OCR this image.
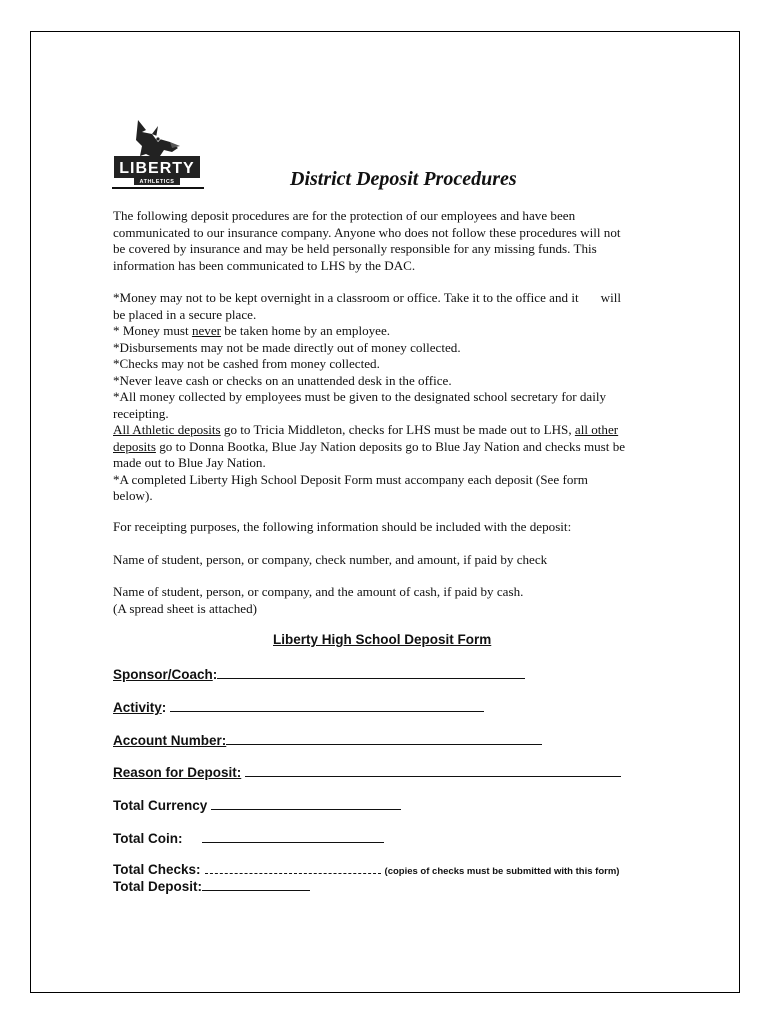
LIBERTY
ATHLETICS	District Deposit Procedures
The following deposit procedures are for the protection of our employees and have been
communicated to our insurance company. Anyone who does not follow these procedures will not
be covered by insurance and may be held personally responsible for any missing funds. This
information has been communicated to LHS by the DAC.
*Money may not to be kept overnight in a classroom or office. Take it to the office and it will
be placed in a secure place.
* Money must never be taken home by an employee.
*Disbursements may not be made directly out of money collected.
*Checks may not be cashed from money collected.
*Never leave cash or checks on an unattended desk in the office.
*All money collected by employees must be given to the designated school secretary for daily
receipting.
All Athletic deposits go to Tricia Middleton, checks for LHS must be made out to LHS, all other
deposits go to Donna Bootka, Blue Jay Nation deposits go to Blue Jay Nation and checks must be
made out to Blue Jay Nation.
*A completed Liberty High School Deposit Form must accompany each deposit (See form
below).
For receipting purposes, the following information should be included with the deposit:
Name of student, person, or company, check number, and amount, if paid by check
Name of student, person, or company, and the amount of cash, if paid by cash.
(A spread sheet is attached)
Liberty High School Deposit Form
Sponsor/Coach:
Activity:
Account Number:
Reason for Deposit:
Total Currency
Total Coin:
Total Checks:	(copies of checks must be submitted with this form)
Total Deposit:
